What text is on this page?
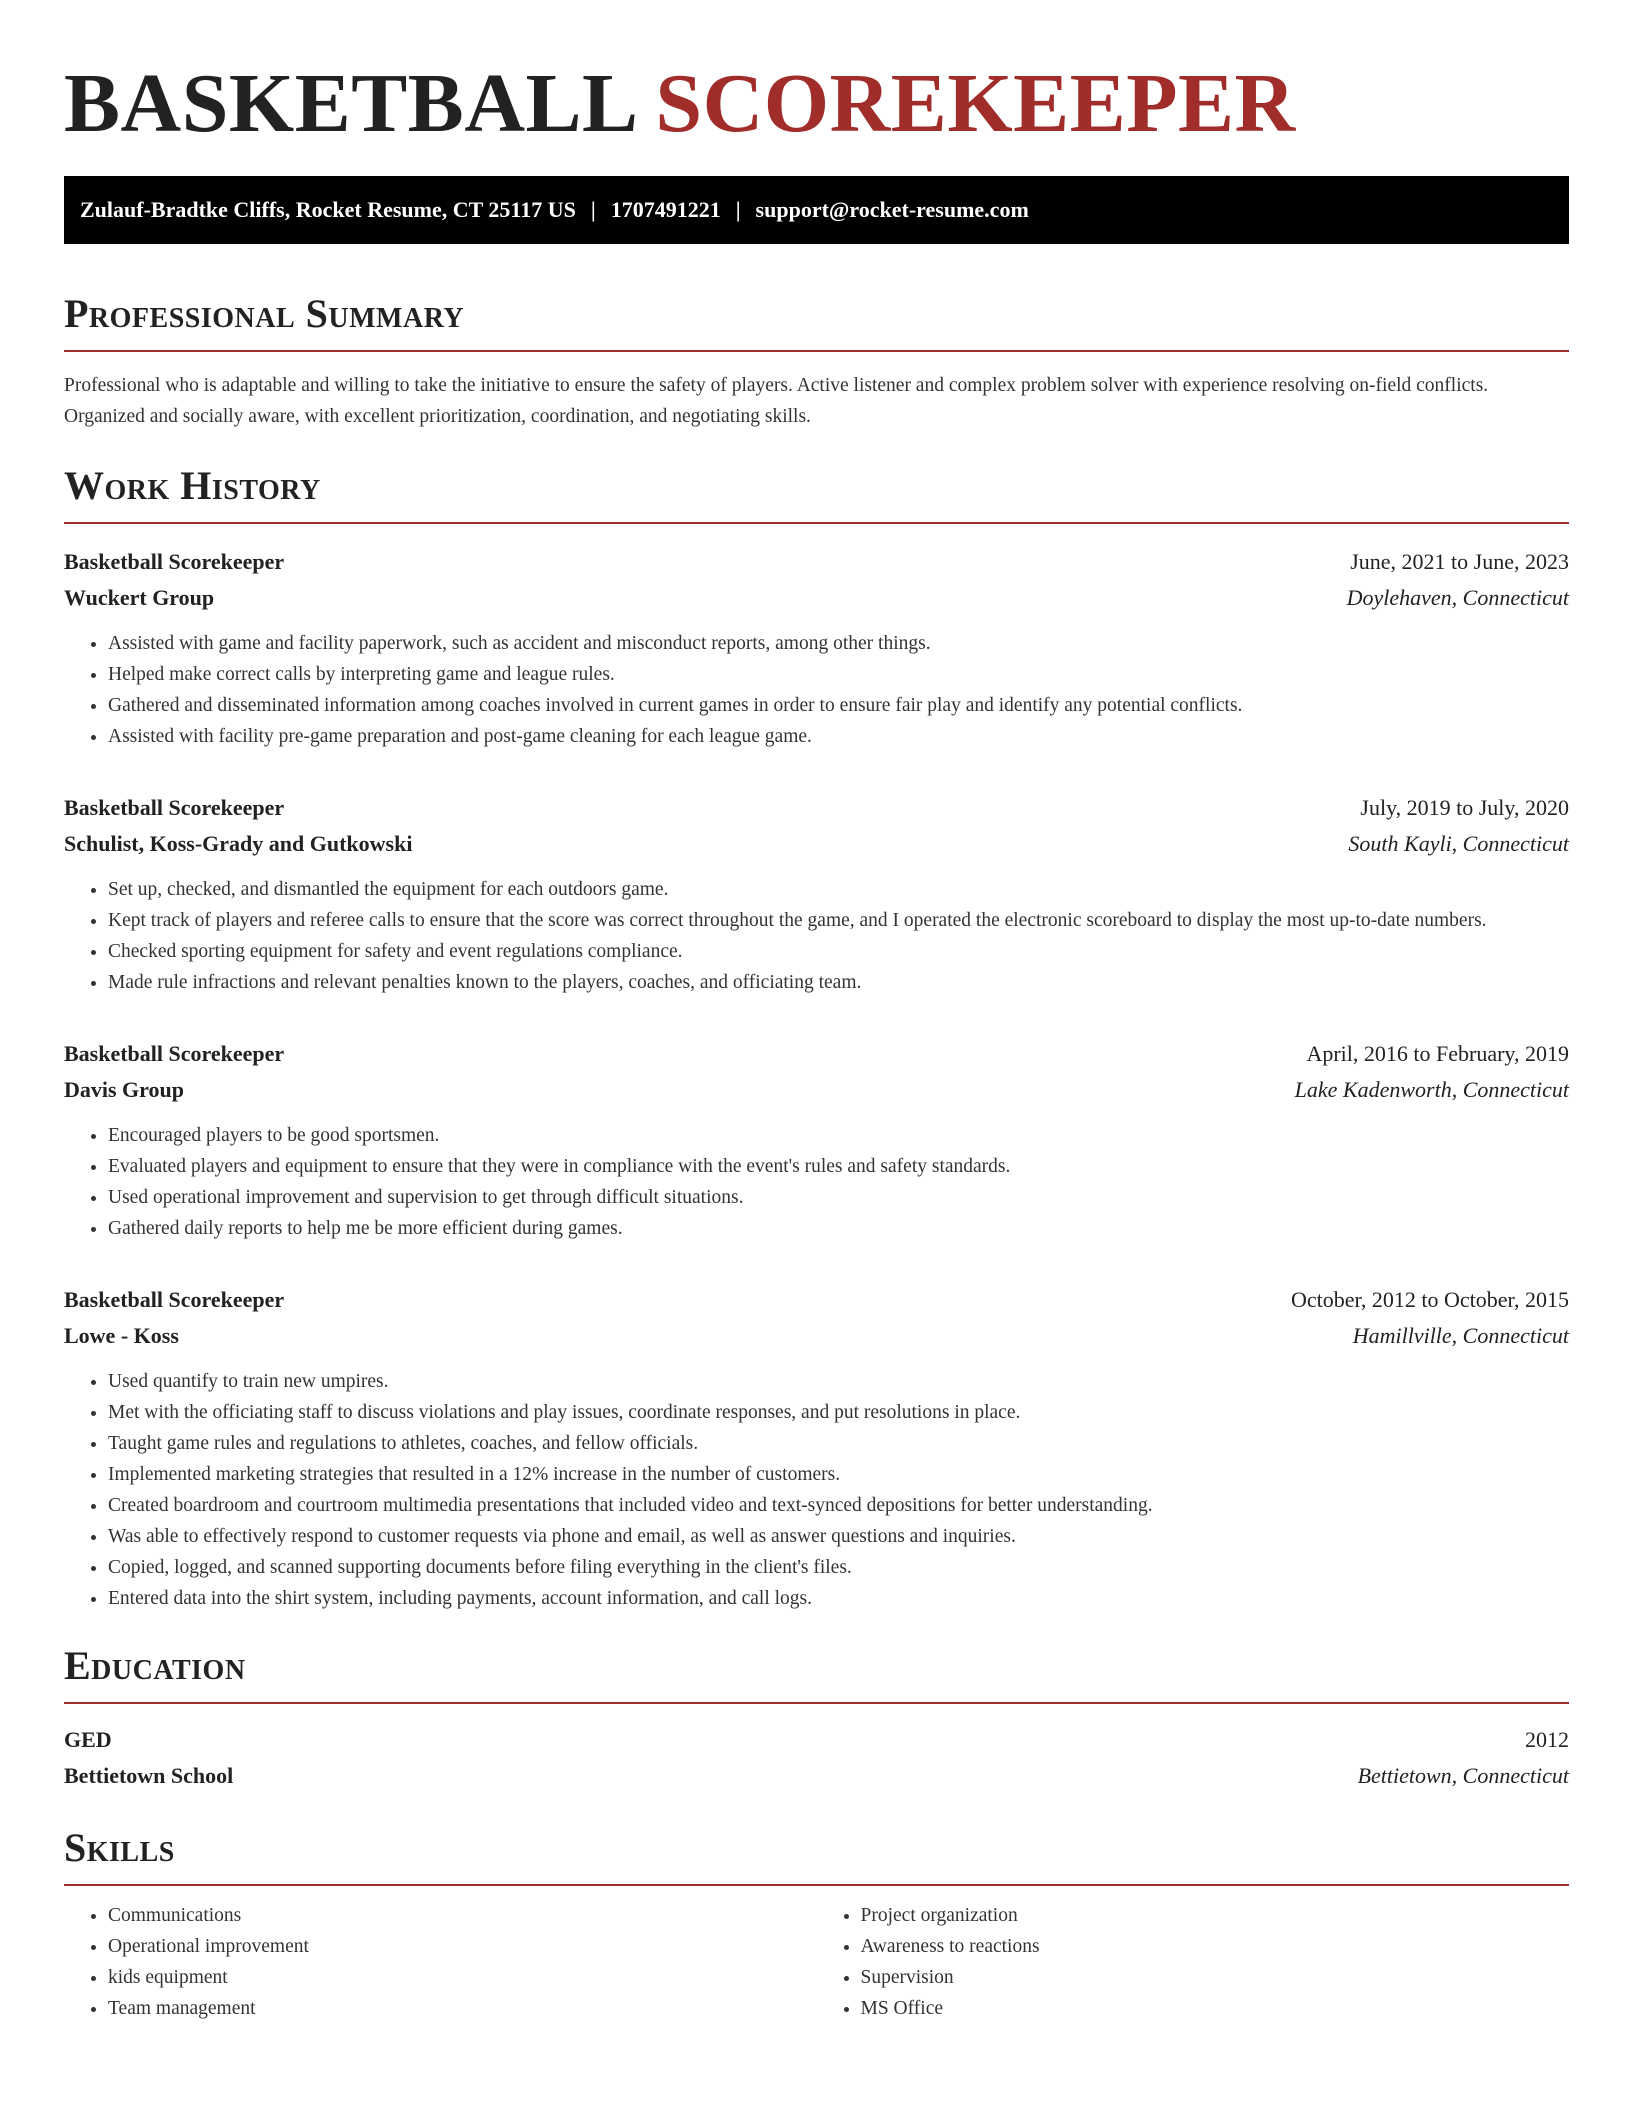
BASKETBALL SCOREKEEPER
Zulauf-Bradtke Cliffs, Rocket Resume, CT 25117 US | 1707491221 | support@rocket-resume.com
Professional Summary
Professional who is adaptable and willing to take the initiative to ensure the safety of players. Active listener and complex problem solver with experience resolving on-field conflicts. Organized and socially aware, with excellent prioritization, coordination, and negotiating skills.
Work History
Basketball Scorekeeper	June, 2021 to June, 2023
Wuckert Group	Doylehaven, Connecticut
• Assisted with game and facility paperwork, such as accident and misconduct reports, among other things.
• Helped make correct calls by interpreting game and league rules.
• Gathered and disseminated information among coaches involved in current games in order to ensure fair play and identify any potential conflicts.
• Assisted with facility pre-game preparation and post-game cleaning for each league game.
Basketball Scorekeeper	July, 2019 to July, 2020
Schulist, Koss-Grady and Gutkowski	South Kayli, Connecticut
• Set up, checked, and dismantled the equipment for each outdoors game.
• Kept track of players and referee calls to ensure that the score was correct throughout the game, and I operated the electronic scoreboard to display the most up-to-date numbers.
• Checked sporting equipment for safety and event regulations compliance.
• Made rule infractions and relevant penalties known to the players, coaches, and officiating team.
Basketball Scorekeeper	April, 2016 to February, 2019
Davis Group	Lake Kadenworth, Connecticut
• Encouraged players to be good sportsmen.
• Evaluated players and equipment to ensure that they were in compliance with the event's rules and safety standards.
• Used operational improvement and supervision to get through difficult situations.
• Gathered daily reports to help me be more efficient during games.
Basketball Scorekeeper	October, 2012 to October, 2015
Lowe - Koss	Hamillville, Connecticut
• Used quantify to train new umpires.
• Met with the officiating staff to discuss violations and play issues, coordinate responses, and put resolutions in place.
• Taught game rules and regulations to athletes, coaches, and fellow officials.
• Implemented marketing strategies that resulted in a 12% increase in the number of customers.
• Created boardroom and courtroom multimedia presentations that included video and text-synced depositions for better understanding.
• Was able to effectively respond to customer requests via phone and email, as well as answer questions and inquiries.
• Copied, logged, and scanned supporting documents before filing everything in the client's files.
• Entered data into the shirt system, including payments, account information, and call logs.
Education
GED	2012
Bettietown School	Bettietown, Connecticut
Skills
• Communications
• Operational improvement
• kids equipment
• Team management
• Project organization
• Awareness to reactions
• Supervision
• MS Office
